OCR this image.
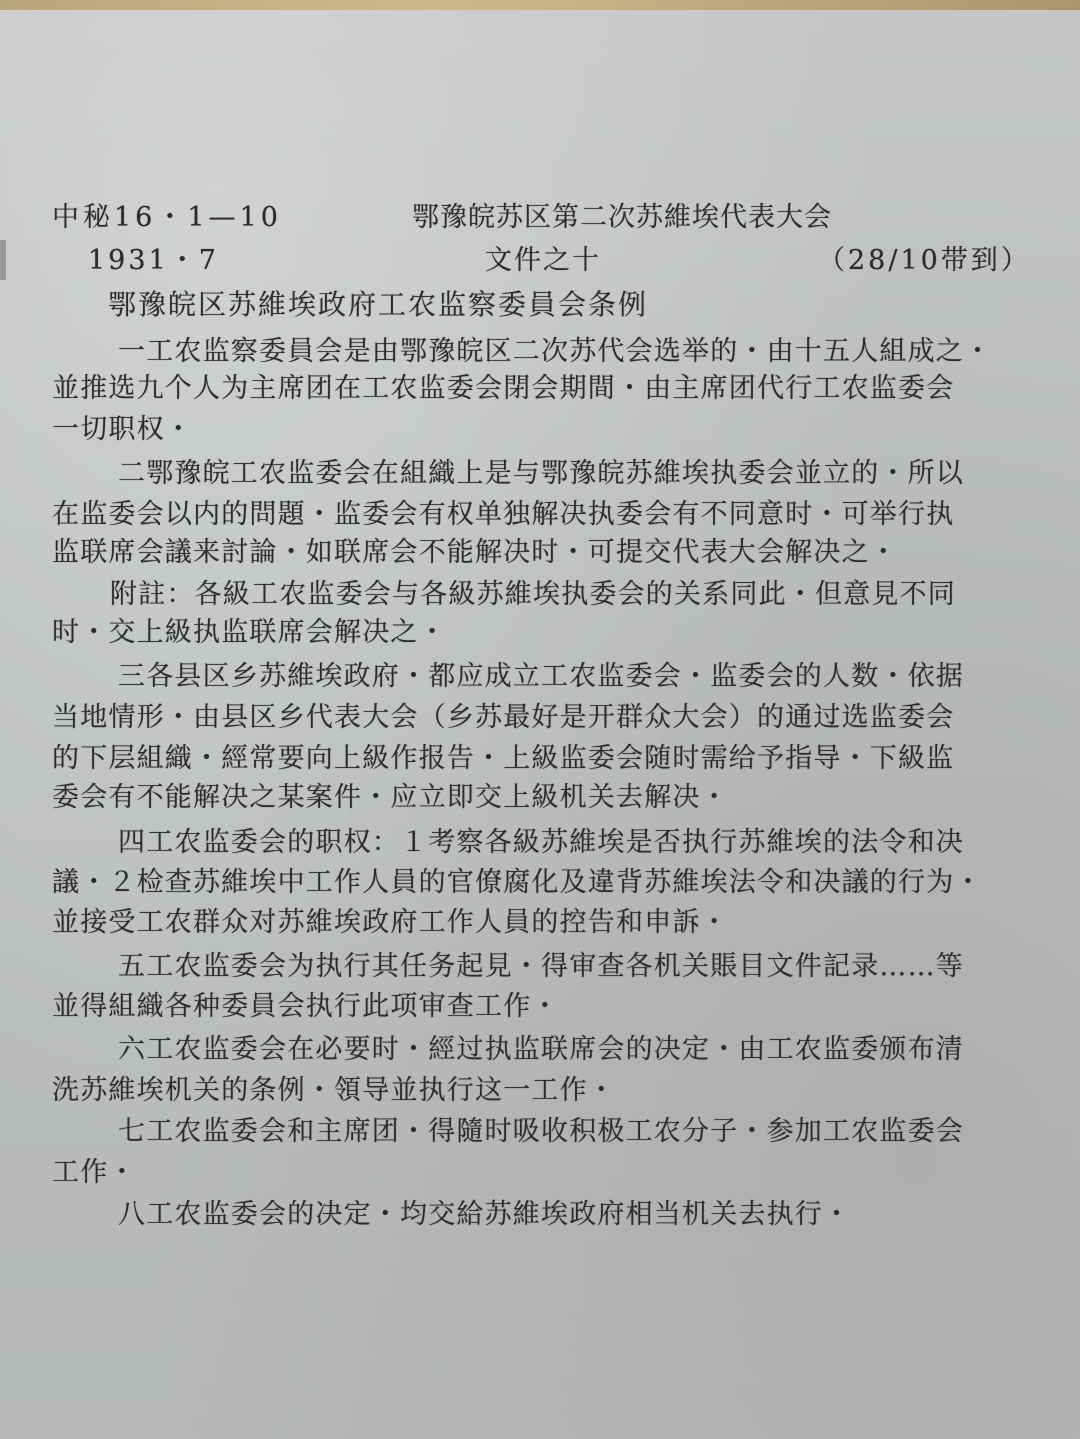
中秘16・1—10	鄂豫皖苏区第二次苏維埃代表大会
1931・7	文件之十	（28/10带到）
鄂豫皖区苏維埃政府工农监察委員会条例
一工农监察委員会是由鄂豫皖区二次苏代会选举的・由十五人組成之・
並推选九个人为主席团在工农监委会閉会期間・由主席团代行工农监委会
一切职权・
二鄂豫皖工农监委会在組織上是与鄂豫皖苏維埃执委会並立的・所以
在监委会以内的問題・监委会有权单独解决执委会有不同意时・可举行执
监联席会議来討論・如联席会不能解决时・可提交代表大会解决之・
附註：各級工农监委会与各級苏維埃执委会的关系同此・但意見不同
时・交上級执监联席会解决之・
三各县区乡苏維埃政府・都应成立工农监委会・监委会的人数・依据
当地情形・由县区乡代表大会（乡苏最好是开群众大会）的通过选监委会
的下层組織・經常要向上級作报告・上級监委会随时需给予指导・下級监
委会有不能解决之某案件・应立即交上級机关去解决・
四工农监委会的职权：１考察各級苏維埃是否执行苏維埃的法令和决
議・２检查苏維埃中工作人員的官僚腐化及違背苏維埃法令和决議的行为・
並接受工农群众对苏維埃政府工作人員的控告和申訴・
五工农监委会为执行其任务起見・得审查各机关賬目文件記录……等
並得組織各种委員会执行此项审查工作・
六工农监委会在必要时・經过执监联席会的决定・由工农监委颁布清
洗苏維埃机关的条例・領导並执行这一工作・
七工农监委会和主席团・得隨时吸收积极工农分子・参加工农监委会
工作・
八工农监委会的决定・均交給苏維埃政府相当机关去执行・
